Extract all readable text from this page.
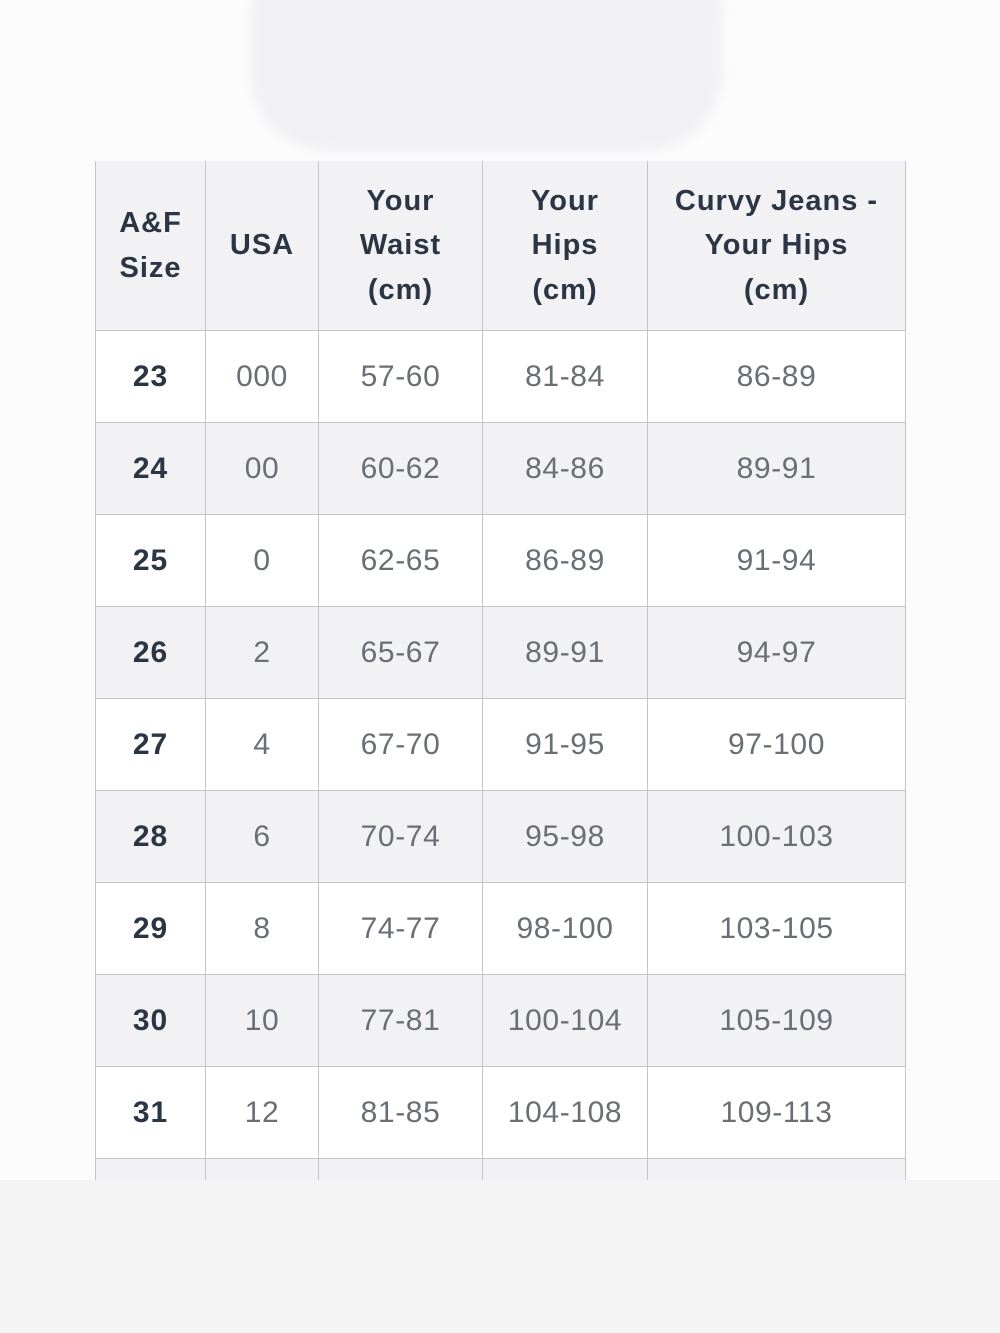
A&F
Size

USA

Your
Waist
(cm)

Your
Hips
(cm)

Curvy Jeans -
Your Hips
(cm)

23	000	57-60	81-84	86-89
24	00	60-62	84-86	89-91
25	0	62-65	86-89	91-94
26	2	65-67	89-91	94-97
27	4	67-70	91-95	97-100
28	6	70-74	95-98	100-103
29	8	74-77	98-100	103-105
30	10	77-81	100-104	105-109
31	12	81-85	104-108	109-113
